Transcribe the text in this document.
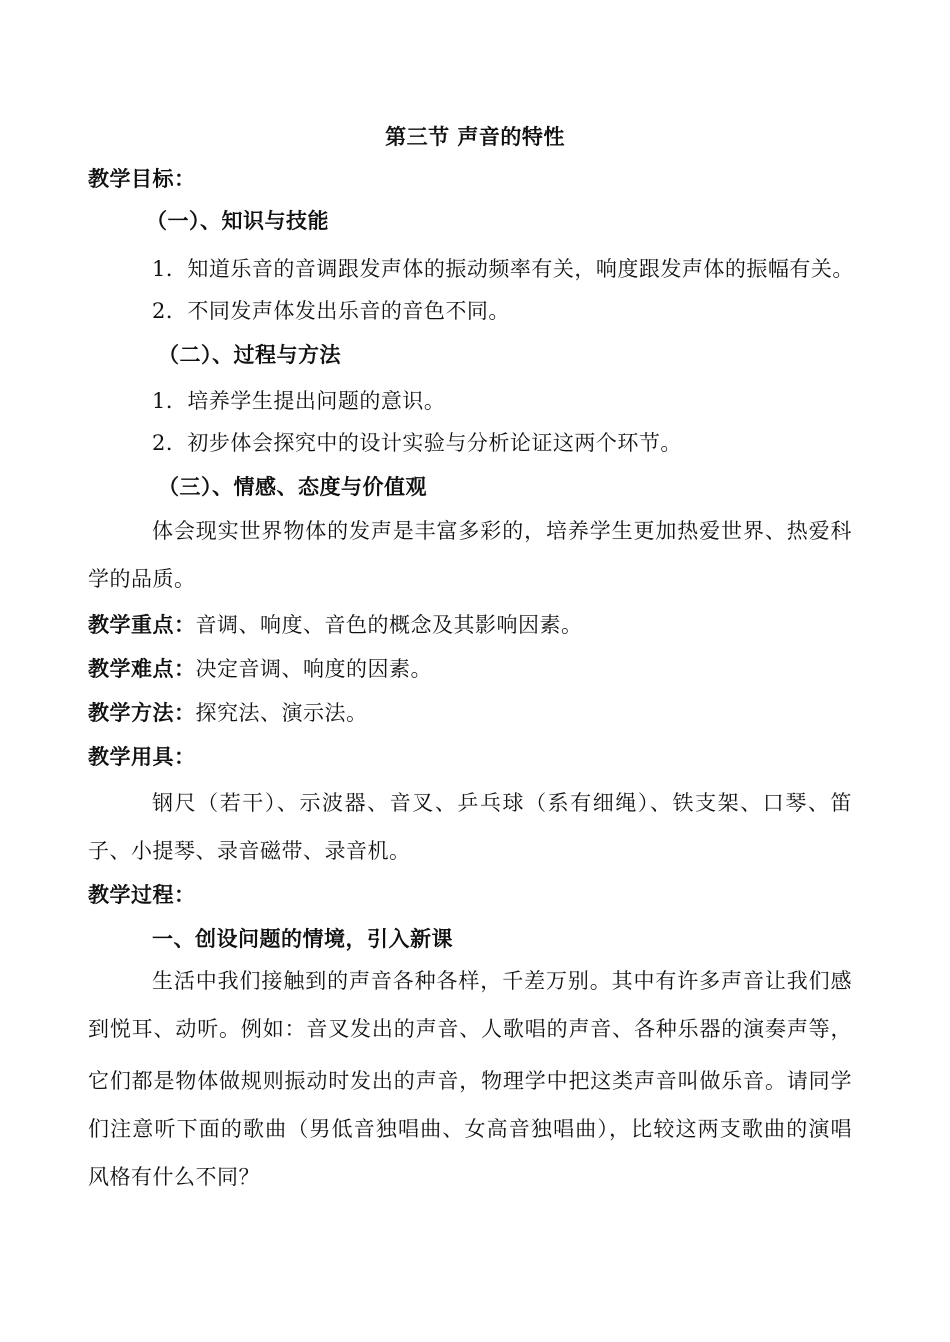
第三节 声音的特性
教学目标：
（一）、知识与技能
1．知道乐音的音调跟发声体的振动频率有关，响度跟发声体的振幅有关。
2．不同发声体发出乐音的音色不同。
（二）、过程与方法
1．培养学生提出问题的意识。
2．初步体会探究中的设计实验与分析论证这两个环节。
（三）、情感、态度与价值观
体会现实世界物体的发声是丰富多彩的，培养学生更加热爱世界、热爱科
学的品质。
教学重点：音调、响度、音色的概念及其影响因素。
教学难点：决定音调、响度的因素。
教学方法：探究法、演示法。
教学用具：
钢尺（若干）、示波器、音叉、乒乓球（系有细绳）、铁支架、口琴、笛
子、小提琴、录音磁带、录音机。
教学过程：
一、创设问题的情境，引入新课
生活中我们接触到的声音各种各样，千差万别。其中有许多声音让我们感
到悦耳、动听。例如：音叉发出的声音、人歌唱的声音、各种乐器的演奏声等，
它们都是物体做规则振动时发出的声音，物理学中把这类声音叫做乐音。请同学
们注意听下面的歌曲（男低音独唱曲、女高音独唱曲），比较这两支歌曲的演唱
风格有什么不同？
